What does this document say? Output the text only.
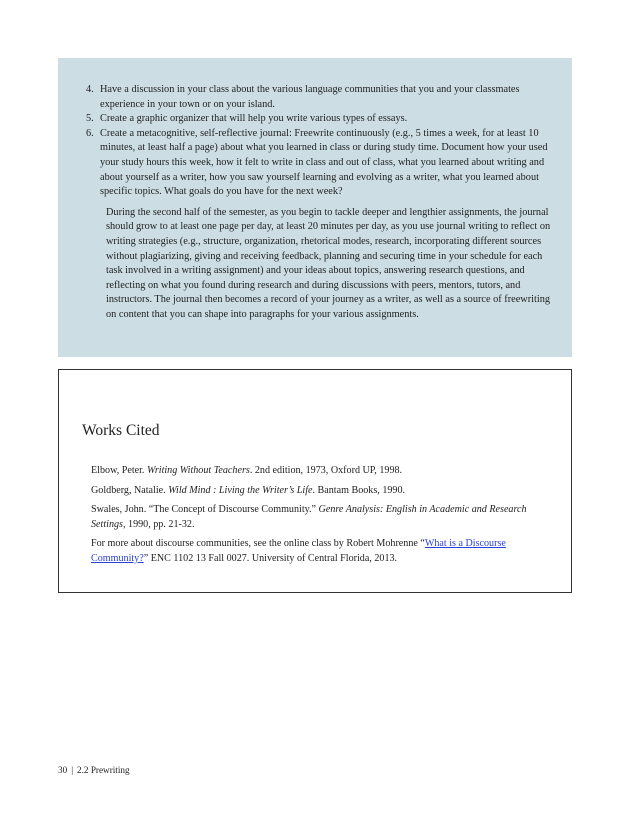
4. Have a discussion in your class about the various language communities that you and your classmates experience in your town or on your island.
5. Create a graphic organizer that will help you write various types of essays.
6. Create a metacognitive, self-reflective journal: Freewrite continuously (e.g., 5 times a week, for at least 10 minutes, at least half a page) about what you learned in class or during study time. Document how your used your study hours this week, how it felt to write in class and out of class, what you learned about writing and about yourself as a writer, how you saw yourself learning and evolving as a writer, what you learned about specific topics. What goals do you have for the next week?

During the second half of the semester, as you begin to tackle deeper and lengthier assignments, the journal should grow to at least one page per day, at least 20 minutes per day, as you use journal writing to reflect on writing strategies (e.g., structure, organization, rhetorical modes, research, incorporating different sources without plagiarizing, giving and receiving feedback, planning and securing time in your schedule for each task involved in a writing assignment) and your ideas about topics, answering research questions, and reflecting on what you found during research and during discussions with peers, mentors, tutors, and instructors. The journal then becomes a record of your journey as a writer, as well as a source of freewriting on content that you can shape into paragraphs for your various assignments.

Works Cited

Elbow, Peter. Writing Without Teachers. 2nd edition, 1973, Oxford UP, 1998.

Goldberg, Natalie. Wild Mind : Living the Writer’s Life. Bantam Books, 1990.

Swales, John. “The Concept of Discourse Community.” Genre Analysis: English in Academic and Research Settings, 1990, pp. 21-32.

For more about discourse communities, see the online class by Robert Mohrenne “What is a Discourse Community?” ENC 1102 13 Fall 0027. University of Central Florida, 2013.

30 | 2.2 Prewriting
